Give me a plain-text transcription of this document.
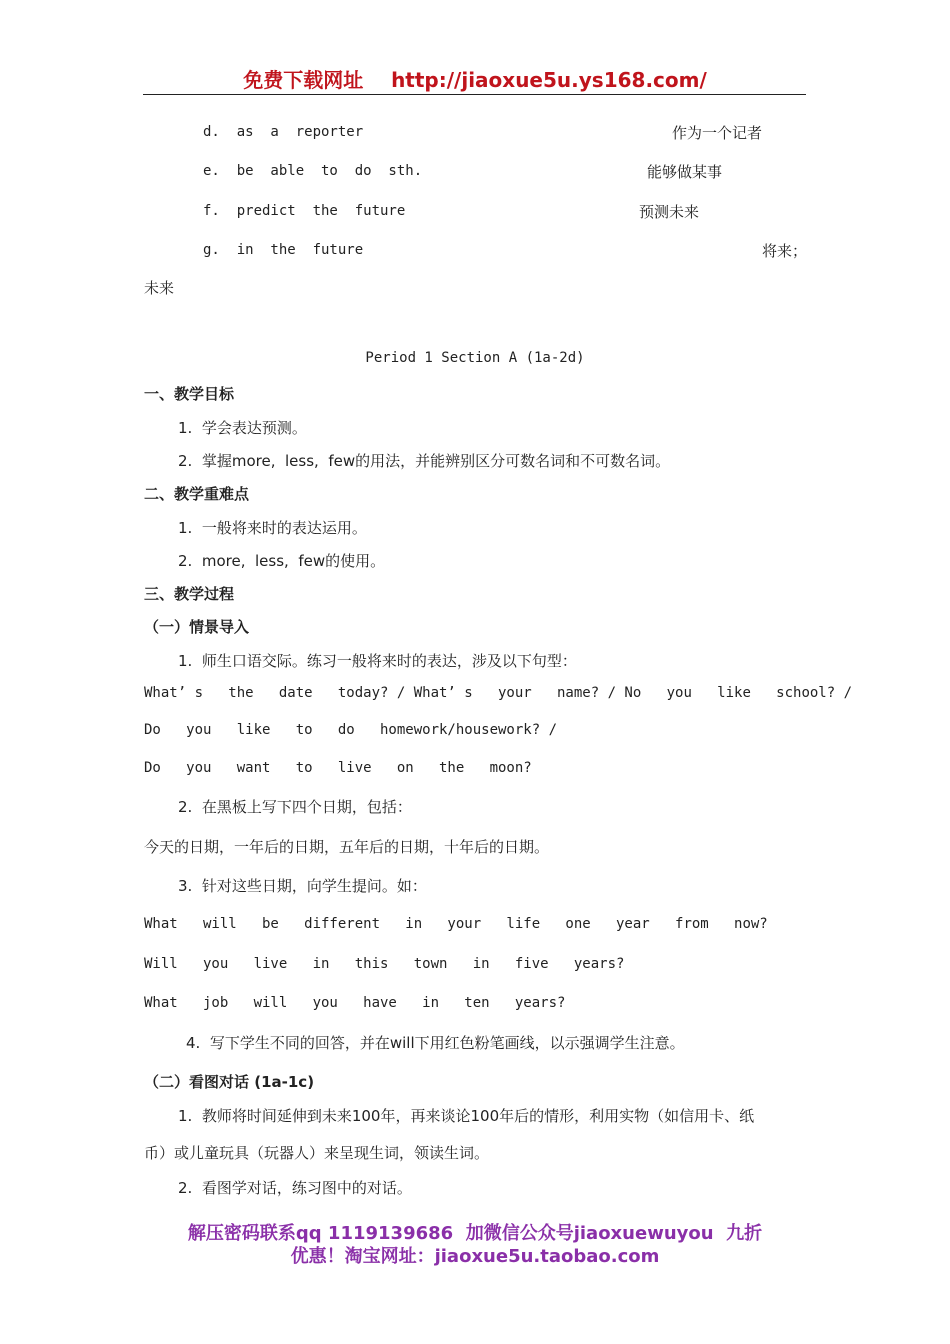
免费下载网址 http://jiaoxue5u.ys168.com/
d.  as  a  reporter	作为一个记者
e.  be  able  to  do  sth.	能够做某事
f.  predict  the  future	预测未来
g.  in  the  future	将来；
未来
Period 1 Section A (1a-2d)
一、教学目标
1.  学会表达预测。
2.  掌握more,  less,  few的用法，并能辨别区分可数名词和不可数名词。
二、教学重难点
1.  一般将来时的表达运用。
2.  more,  less,  few的使用。
三、教学过程
（一）情景导入
1.  师生口语交际。练习一般将来时的表达，涉及以下句型：
What’ s   the   date   today? / What’ s   your   name? / No   you   like   school? /
Do   you   like   to   do   homework/housework? /
Do   you   want   to   live   on   the   moon?
2.  在黑板上写下四个日期，包括：
今天的日期，一年后的日期，五年后的日期，十年后的日期。
3.  针对这些日期，向学生提问。如：
What   will   be   different   in   your   life   one   year   from   now?
Will   you   live   in   this   town   in   five   years?
What   job   will   you   have   in   ten   years?
4.  写下学生不同的回答，并在will下用红色粉笔画线，以示强调学生注意。
（二）看图对话 (1a-1c)
1.  教师将时间延伸到未来100年，再来谈论100年后的情形，利用实物（如信用卡、纸
币）或儿童玩具（玩器人）来呈现生词，领读生词。
2.  看图学对话，练习图中的对话。
解压密码联系qq 1119139686  加微信公众号jiaoxuewuyou  九折
优惠！淘宝网址：jiaoxue5u.taobao.com
